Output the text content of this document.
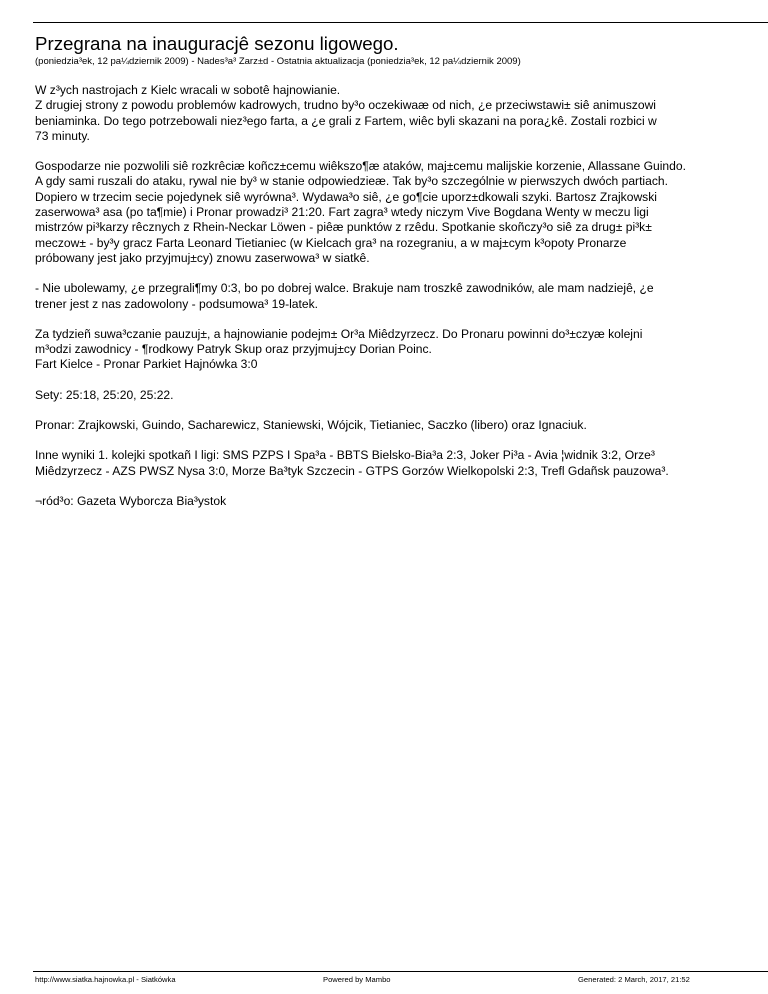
Przegrana na inauguracjê sezonu ligowego.
(poniedzia³ek, 12 pa¼dziernik 2009) - Nades³a³ Zarz±d - Ostatnia aktualizacja (poniedzia³ek, 12 pa¼dziernik 2009)

W z³ych nastrojach z Kielc wracali w sobotê hajnowianie.
Z drugiej strony z powodu problemów kadrowych, trudno by³o oczekiwaæ od nich, ¿e przeciwstawi± siê animuszowi
beniaminka. Do tego potrzebowali niez³ego farta, a ¿e grali z Fartem, wiêc byli skazani na pora¿kê. Zostali rozbici w
73 minuty.

Gospodarze nie pozwolili siê rozkrêciæ koñcz±cemu wiêkszo¶æ ataków, maj±cemu malijskie korzenie, Allassane Guindo.
A gdy sami ruszali do ataku, rywal nie by³ w stanie odpowiedzieæ. Tak by³o szczególnie w pierwszych dwóch partiach.
Dopiero w trzecim secie pojedynek siê wyrówna³. Wydawa³o siê, ¿e go¶cie uporz±dkowali szyki. Bartosz Zrajkowski
zaserwowa³ asa (po ta¶mie) i Pronar prowadzi³ 21:20. Fart zagra³ wtedy niczym Vive Bogdana Wenty w meczu ligi
mistrzów pi³karzy rêcznych z Rhein-Neckar Löwen - piêæ punktów z rzêdu. Spotkanie skoñczy³o siê za drug± pi³k±
meczow± - by³y gracz Farta Leonard Tietianiec (w Kielcach gra³ na rozegraniu, a w maj±cym k³opoty Pronarze
próbowany jest jako przyjmuj±cy) znowu zaserwowa³ w siatkê.

- Nie ubolewamy, ¿e przegrali¶my 0:3, bo po dobrej walce. Brakuje nam troszkê zawodników, ale mam nadziejê, ¿e
trener jest z nas zadowolony - podsumowa³ 19-latek.

Za tydzieñ suwa³czanie pauzuj±, a hajnowianie podejm± Or³a Miêdzyrzecz. Do Pronaru powinni do³±czyæ kolejni
m³odzi zawodnicy - ¶rodkowy Patryk Skup oraz przyjmuj±cy Dorian Poinc.
Fart Kielce - Pronar Parkiet Hajnówka 3:0

Sety: 25:18, 25:20, 25:22.

Pronar: Zrajkowski, Guindo, Sacharewicz, Staniewski, Wójcik, Tietianiec, Saczko (libero) oraz Ignaciuk.

Inne wyniki 1. kolejki spotkañ I ligi: SMS PZPS I Spa³a - BBTS Bielsko-Bia³a 2:3, Joker Pi³a - Avia ¦widnik 3:2, Orze³
Miêdzyrzecz - AZS PWSZ Nysa 3:0, Morze Ba³tyk Szczecin - GTPS Gorzów Wielkopolski 2:3, Trefl Gdañsk pauzowa³.

¬ród³o: Gazeta Wyborcza Bia³ystok

http://www.siatka.hajnowka.pl - Siatkówka	Powered by Mambo	Generated: 2 March, 2017, 21:52
